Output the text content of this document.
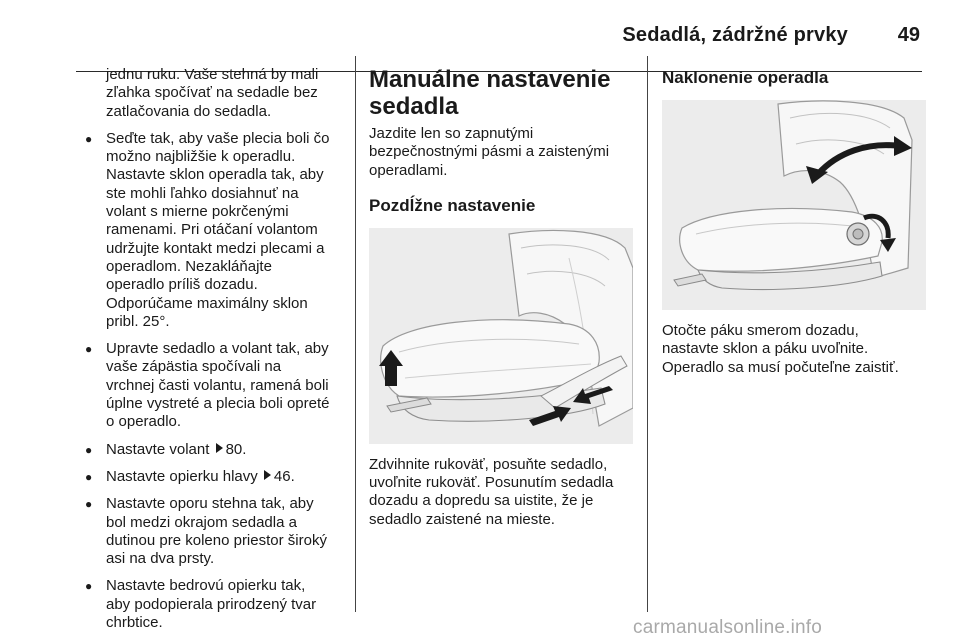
Sedadlá, zádržné prvky 49
jednu ruku. Vaše stehná by mali
zľahka spočívať na sedadle bez
zatlačovania do sedadla.
● Seďte tak, aby vaše plecia boli čo
možno najbližšie k operadlu.
Nastavte sklon operadla tak, aby
ste mohli ľahko dosiahnuť na
volant s mierne pokrčenými
ramenami. Pri otáčaní volantom
udržujte kontakt medzi plecami a
operadlom. Nezakláňajte
operadlo príliš dozadu.
Odporúčame maximálny sklon
pribl. 25°.
● Upravte sedadlo a volant tak, aby
vaše zápästia spočívali na
vrchnej časti volantu, ramená boli
úplne vystreté a plecia boli opreté
o operadlo.
● Nastavte volant 80.
● Nastavte opierku hlavy 46.
● Nastavte oporu stehna tak, aby
bol medzi okrajom sedadla a
dutinou pre koleno priestor široký
asi na dva prsty.
● Nastavte bedrovú opierku tak,
aby podopierala prirodzený tvar
chrbtice.
Manuálne nastavenie
sedadla
Jazdite len so zapnutými
bezpečnostnými pásmi a zaistenými
operadlami.
Pozdĺžne nastavenie
Zdvihnite rukoväť, posuňte sedadlo,
uvoľnite rukoväť. Posunutím sedadla
dozadu a dopredu sa uistite, že je
sedadlo zaistené na mieste.
Naklonenie operadla
Otočte páku smerom dozadu,
nastavte sklon a páku uvoľnite.
Operadlo sa musí počuteľne zaistiť.
carmanualsonline.info
